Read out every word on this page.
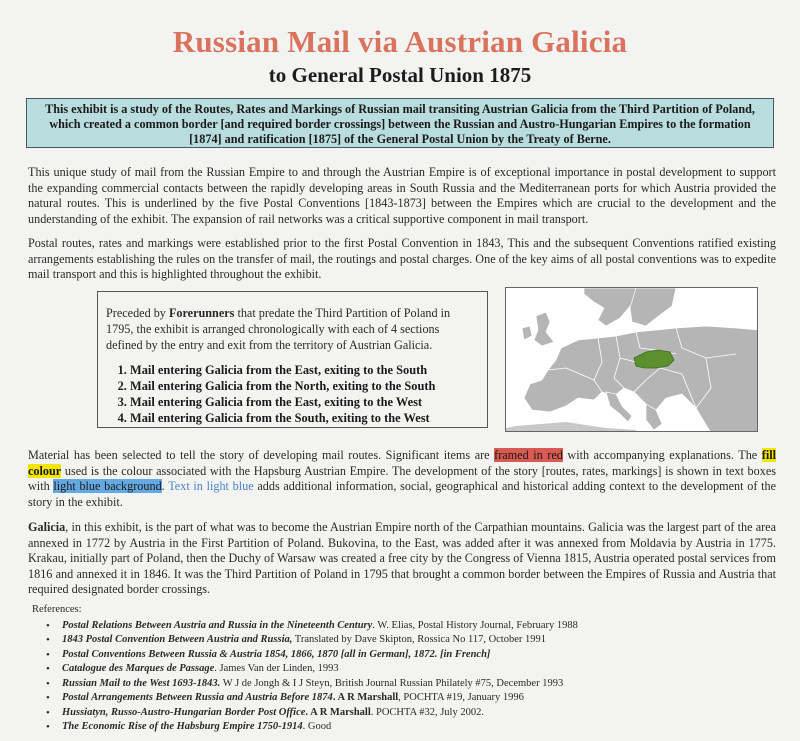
Russian Mail via Austrian Galicia
to General Postal Union 1875
This exhibit is a study of the Routes, Rates and Markings of Russian mail transiting Austrian Galicia from the Third Partition of Poland, which created a common border [and required border crossings] between the Russian and Austro-Hungarian Empires to the formation [1874] and ratification [1875] of the General Postal Union by the Treaty of Berne.
This unique study of mail from the Russian Empire to and through the Austrian Empire is of exceptional importance in postal development to support the expanding commercial contacts between the rapidly developing areas in South Russia and the Mediterranean ports for which Austria provided the natural routes. This is underlined by the five Postal Conventions [1843-1873] between the Empires which are crucial to the development and the understanding of the exhibit. The expansion of rail networks was a critical supportive component in mail transport.
Postal routes, rates and markings were established prior to the first Postal Convention in 1843, This and the subsequent Conventions ratified existing arrangements establishing the rules on the transfer of mail, the routings and postal charges. One of the key aims of all postal conventions was to expedite mail transport and this is highlighted throughout the exhibit.
Preceded by Forerunners that predate the Third Partition of Poland in 1795, the exhibit is arranged chronologically with each of 4 sections defined by the entry and exit from the territory of Austrian Galicia.
1. Mail entering Galicia from the East, exiting to the South
2. Mail entering Galicia from the North, exiting to the South
3. Mail entering Galicia from the East, exiting to the West
4. Mail entering Galicia from the South, exiting to the West
Material has been selected to tell the story of developing mail routes. Significant items are framed in red with accompanying explanations. The fill colour used is the colour associated with the Hapsburg Austrian Empire. The development of the story [routes, rates, markings] is shown in text boxes with light blue background. Text in light blue adds additional information, social, geographical and historical adding context to the development of the story in the exhibit.
Galicia, in this exhibit, is the part of what was to become the Austrian Empire north of the Carpathian mountains. Galicia was the largest part of the area annexed in 1772 by Austria in the First Partition of Poland. Bukovina, to the East, was added after it was annexed from Moldavia by Austria in 1775. Krakau, initially part of Poland, then the Duchy of Warsaw was created a free city by the Congress of Vienna 1815, Austria operated postal services from 1816 and annexed it in 1846. It was the Third Partition of Poland in 1795 that brought a common border between the Empires of Russia and Austria that required designated border crossings.
References:
• Postal Relations Between Austria and Russia in the Nineteenth Century. W. Elias, Postal History Journal, February 1988
• 1843 Postal Convention Between Austria and Russia, Translated by Dave Skipton, Rossica No 117, October 1991
• Postal Conventions Between Russia & Austria 1854, 1866, 1870 [all in German], 1872. [in French]
• Catalogue des Marques de Passage. James Van der Linden, 1993
• Russian Mail to the West 1693-1843. W J de Jongh & I J Steyn, British Journal Russian Philately #75, December 1993
• Postal Arrangements Between Russia and Austria Before 1874. A R Marshall, POCHTA #19, January 1996
• Hussiatyn, Russo-Austro-Hungarian Border Post Office. A R Marshall. POCHTA #32, July 2002.
• The Economic Rise of the Habsburg Empire 1750-1914. Good
